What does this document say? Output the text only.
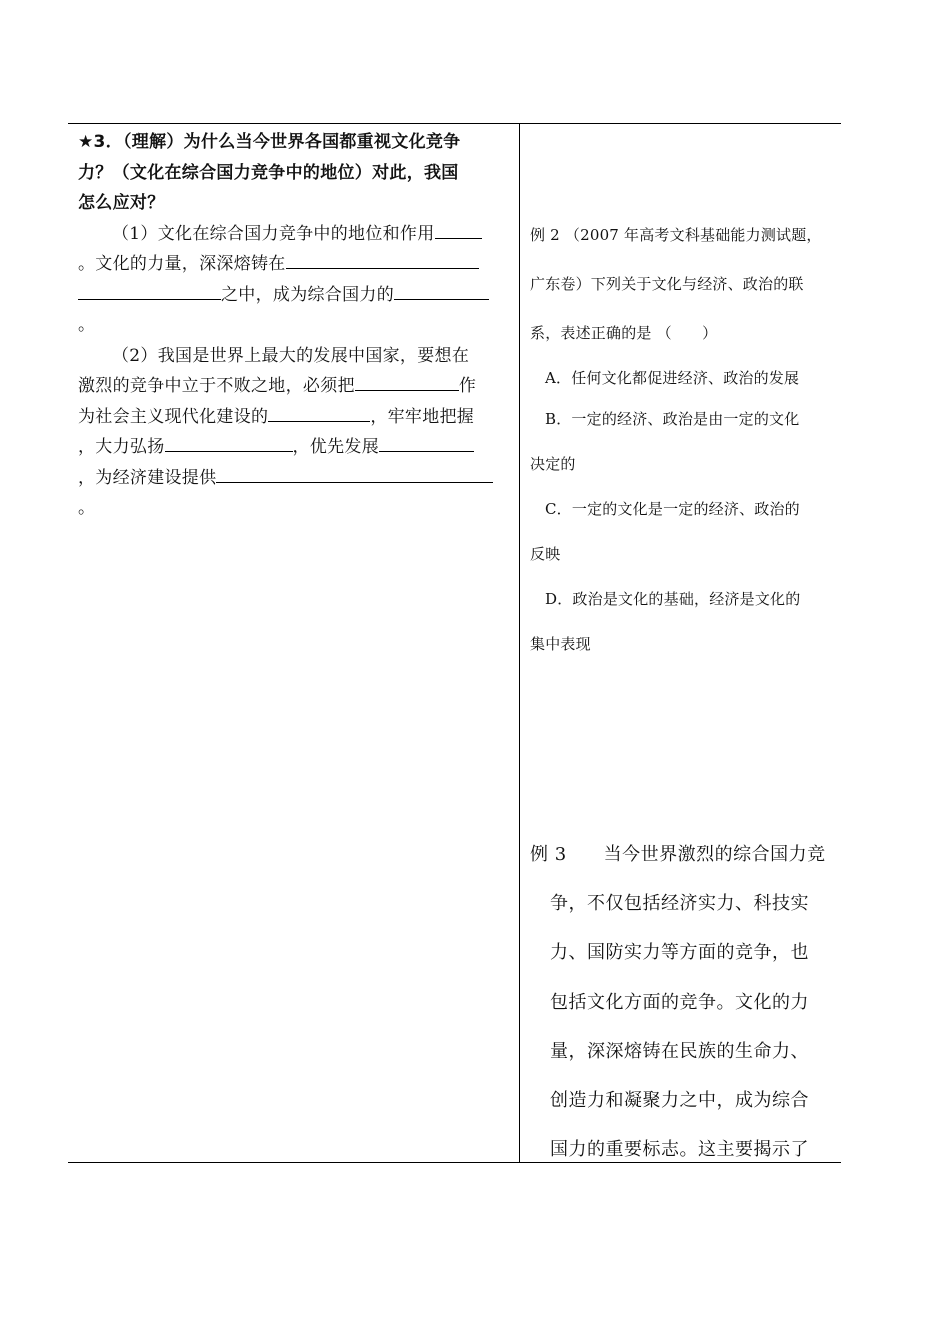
★3．（理解）为什么当今世界各国都重视文化竞争

力？（文化在综合国力竞争中的地位）对此，我国

怎么应对？

（1）文化在综合国力竞争中的地位和作用

。文化的力量，深深熔铸在

之中，成为综合国力的

。

（2）我国是世界上最大的发展中国家，要想在

激烈的竞争中立于不败之地，必须把	作

为社会主义现代化建设的	，牢牢地把握

，大力弘扬	，优先发展

，为经济建设提供

。

例 2 （2007 年高考文科基础能力测试题，
广东卷）下列关于文化与经济、政治的联
系，表述正确的是 （　　）
A．任何文化都促进经济、政治的发展
B．一定的经济、政治是由一定的文化
决定的
C．一定的文化是一定的经济、政治的
反映
D．政治是文化的基础，经济是文化的
集中表现
例 3　　当今世界激烈的综合国力竞
争，不仅包括经济实力、科技实
力、国防实力等方面的竞争，也
包括文化方面的竞争。文化的力
量，深深熔铸在民族的生命力、
创造力和凝聚力之中，成为综合
国力的重要标志。这主要揭示了
